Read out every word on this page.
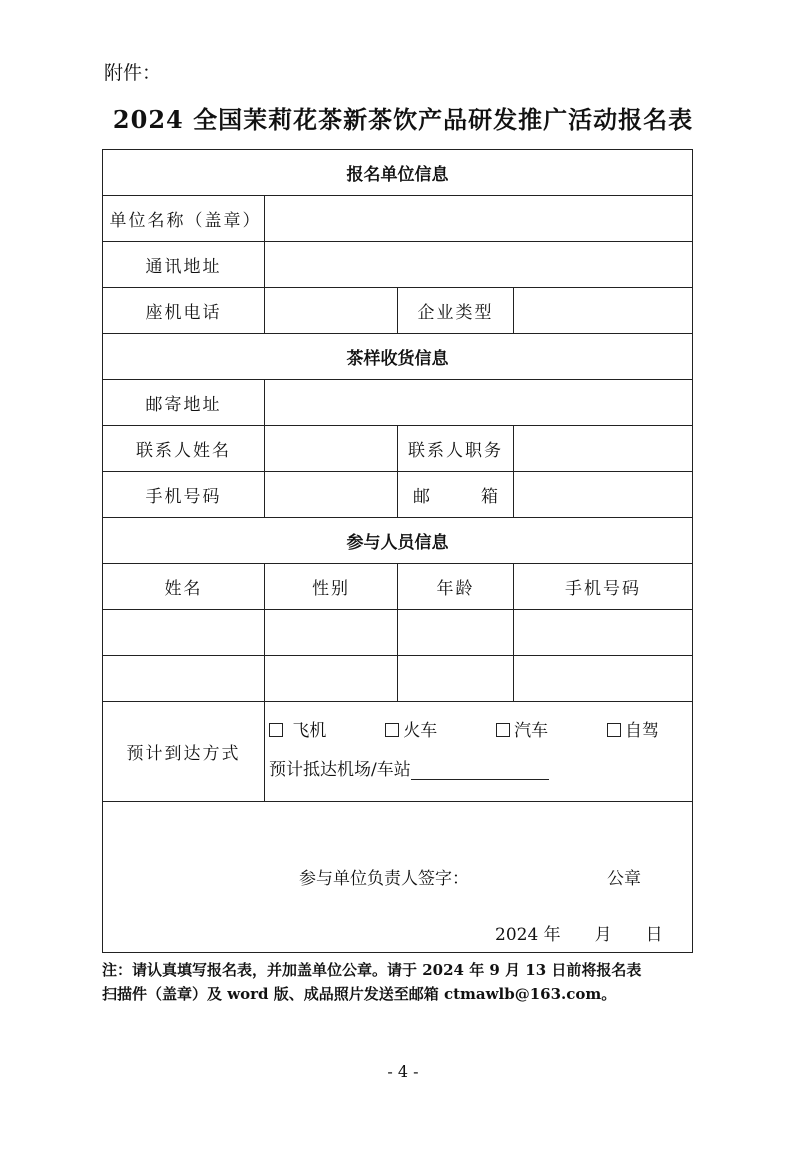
附件：
2024 全国茉莉花茶新茶饮产品研发推广活动报名表
报名单位信息			
单位名称（盖章）			
通讯地址			
座机电话		企业类型	
茶样收货信息			
邮寄地址			
联系人姓名		联系人职务	
手机号码		邮　　　箱	
参与人员信息			
姓名	性别	年龄	手机号码

预计到达方式	飞机 火车 汽车 自驾
预计抵达机场/车站		

参与单位负责人签字： 公章
2024 年　　月　　日			
注：请认真填写报名表，并加盖单位公章。请于 2024 年 9 月 13 日前将报名表
扫描件（盖章）及 word 版、成品照片发送至邮箱 ctmawlb@163.com。
- 4 -
